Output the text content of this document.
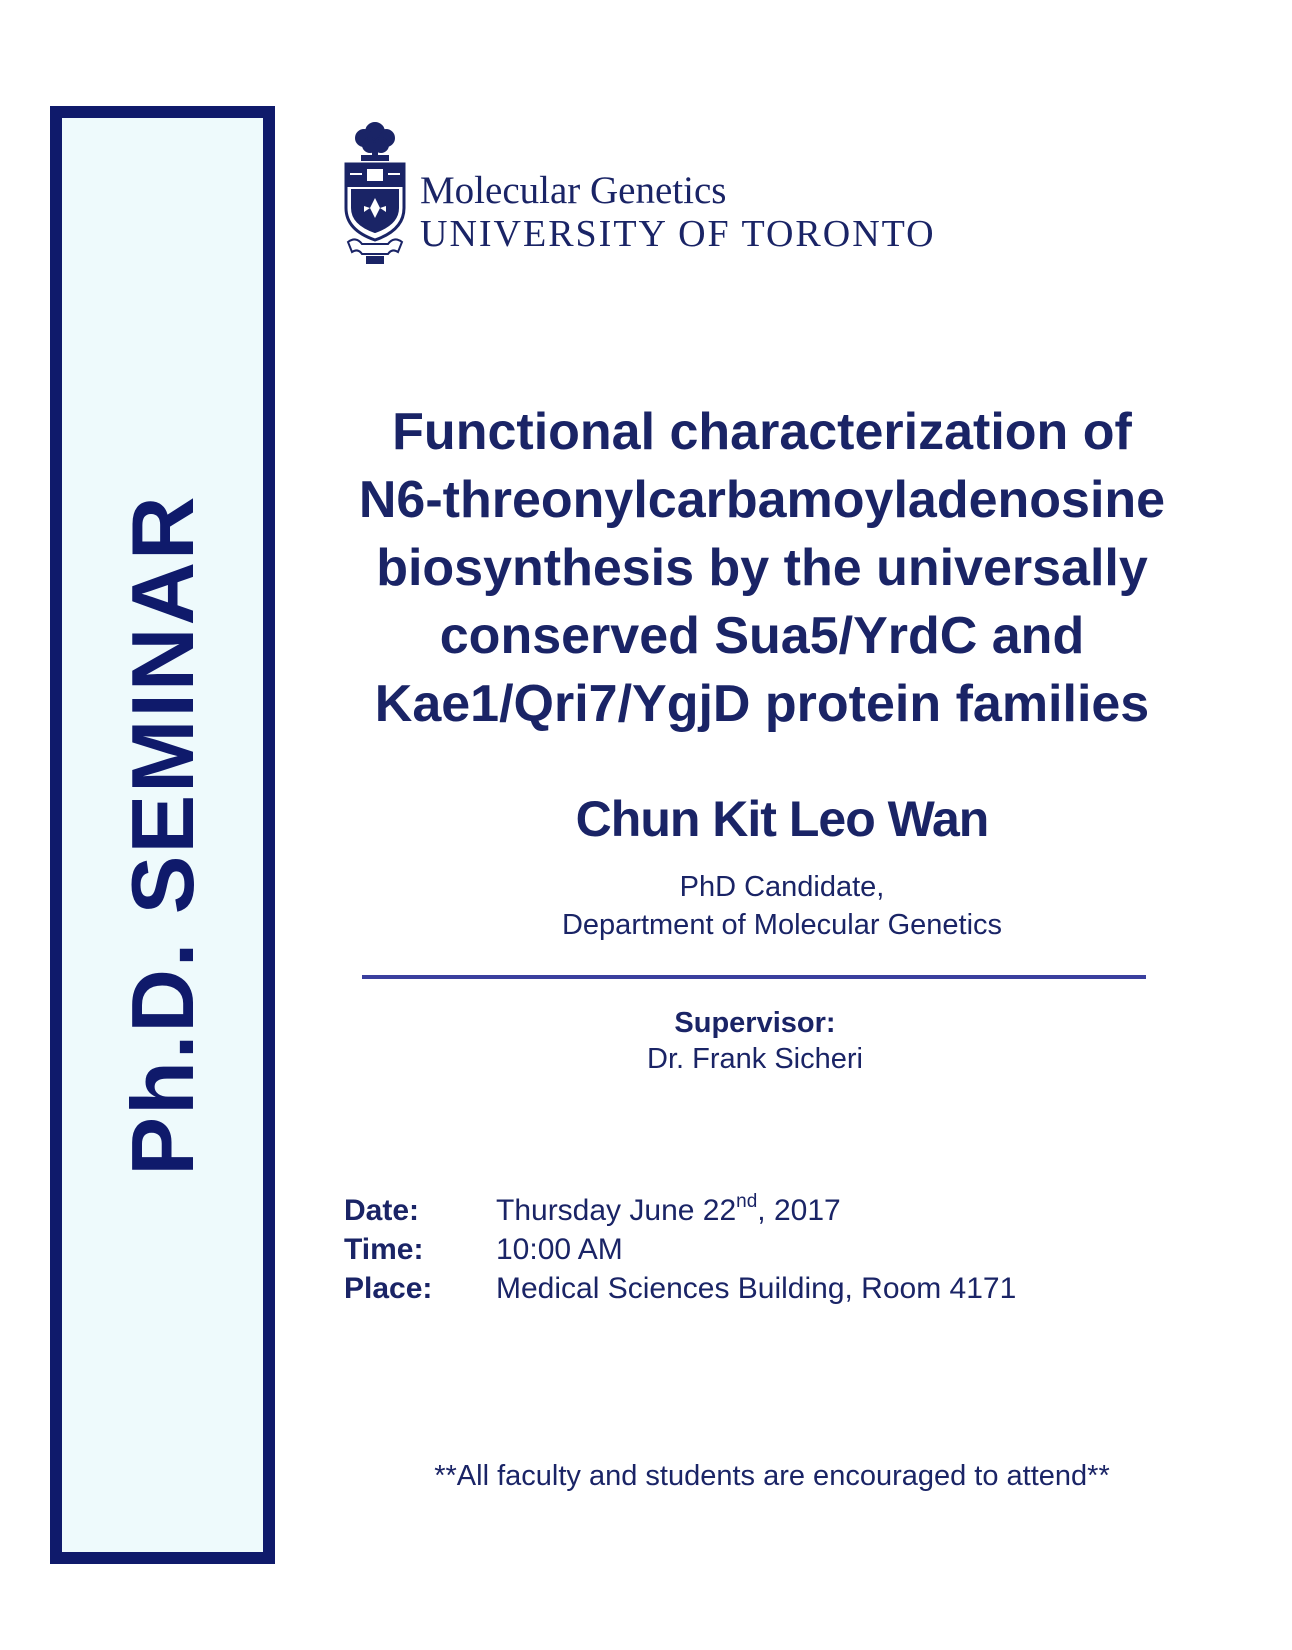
Ph.D. SEMINAR
Molecular Genetics
UNIVERSITY OF TORONTO
Functional characterization of
N6-threonylcarbamoyladenosine
biosynthesis by the universally
conserved Sua5/YrdC and
Kae1/Qri7/YgjD protein families
Chun Kit Leo Wan
PhD Candidate,
Department of Molecular Genetics
Supervisor:
Dr. Frank Sicheri
Date:	Thursday June 22nd, 2017
Time: 10:00 AM
Place: Medical Sciences Building, Room 4171
**All faculty and students are encouraged to attend**
